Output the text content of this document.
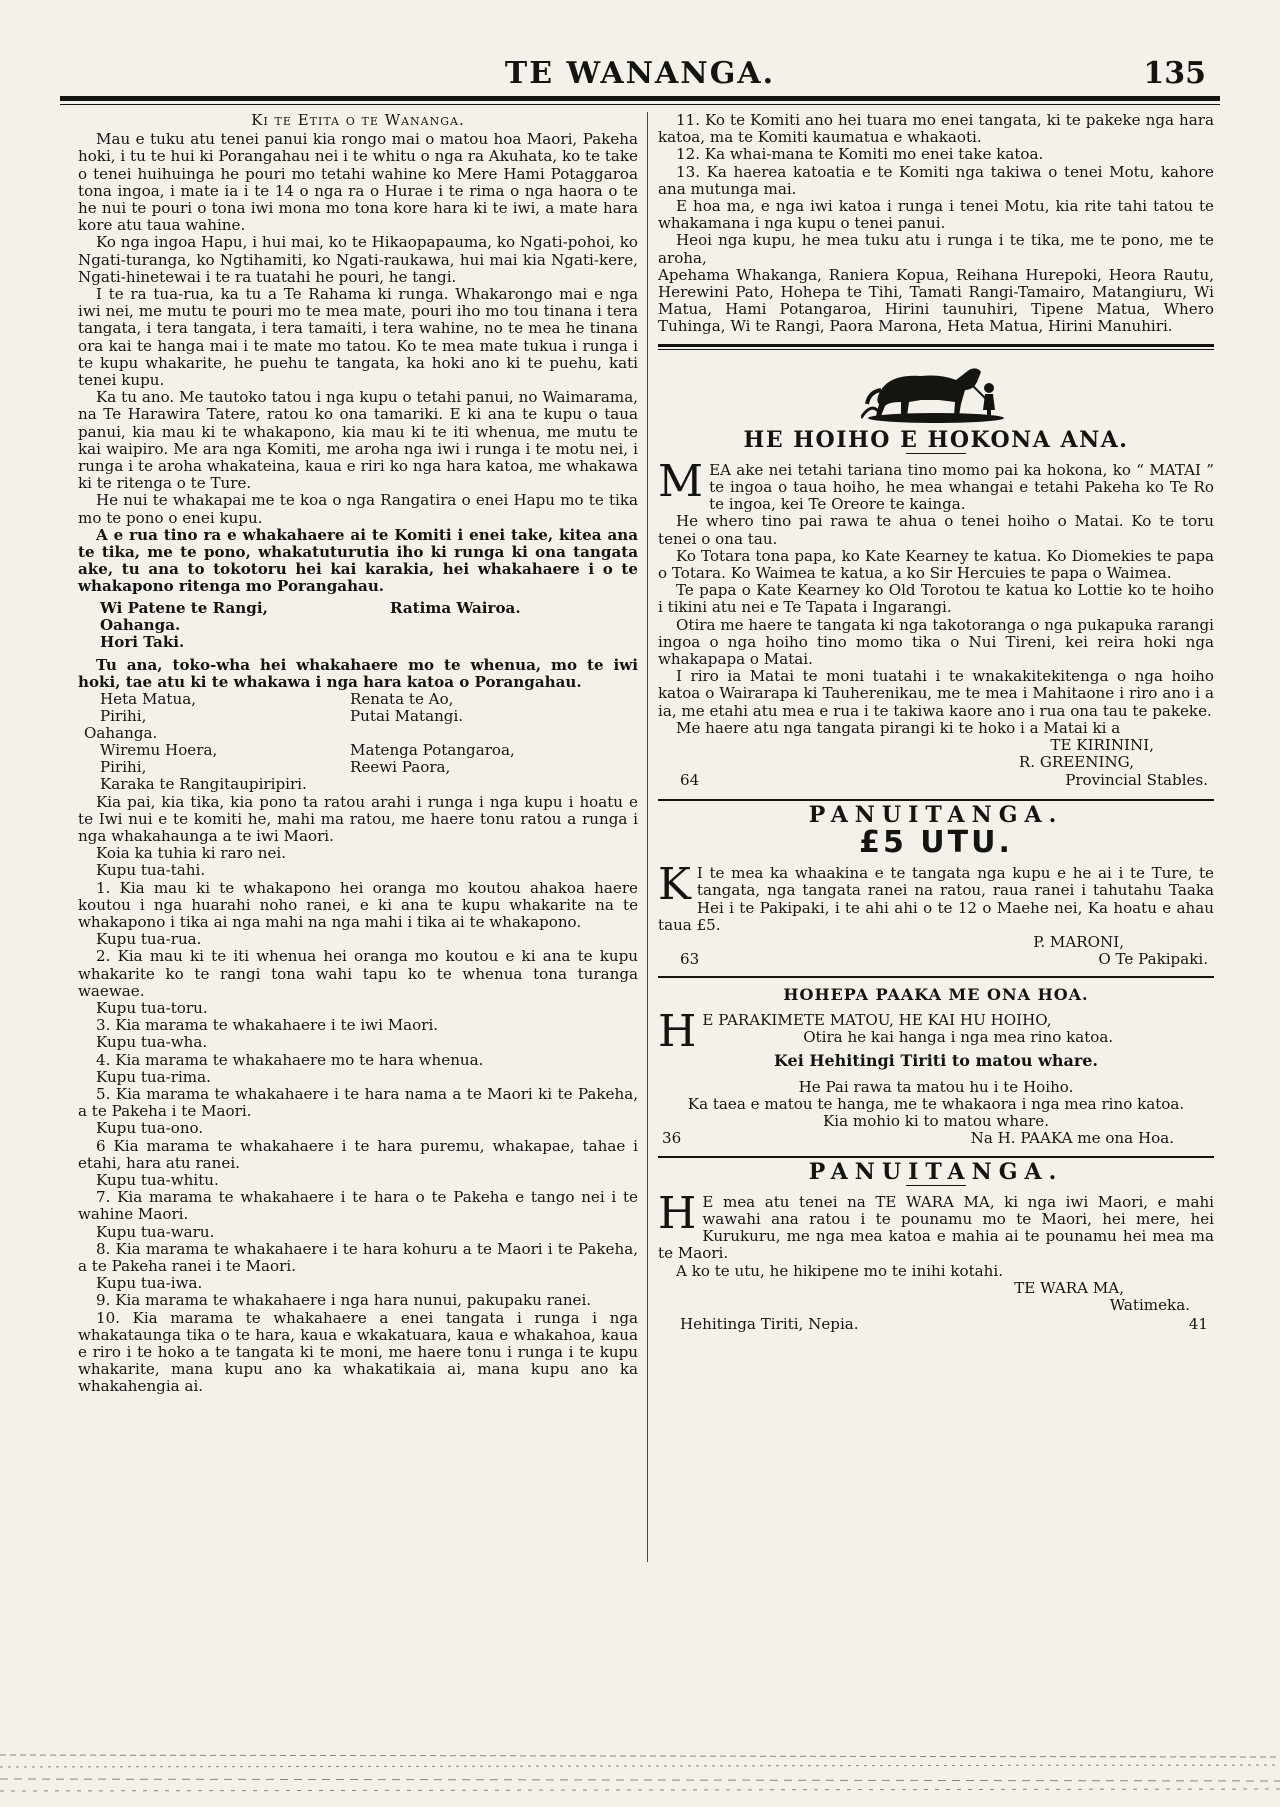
TE WANANGA.	135
Ki te Etita o te Wananga.

Mau e tuku atu tenei panui kia rongo mai o matou hoa Maori, Pakeha hoki, i tu te hui ki Porangahau nei i te whitu o nga ra Akuhata, ko te take o tenei huihuinga he pouri mo tetahi wahine ko Mere Hami Potaggaroa tona ingoa, i mate ia i te 14 o nga ra o Hurae i te rima o nga haora o te he nui te pouri o tona iwi mona mo tona kore hara ki te iwi, a mate hara kore atu taua wahine.

Ko nga ingoa Hapu, i hui mai, ko te Hikaopapauma, ko Ngati-pohoi, ko Ngati-turanga, ko Ngtihamiti, ko Ngati-raukawa, hui mai kia Ngati-kere, Ngati-hinetewai i te ra tuatahi he pouri, he tangi.

I te ra tua-rua, ka tu a Te Rahama ki runga. Whakarongo mai e nga iwi nei, me mutu te pouri mo te mea mate, pouri iho mo tou tinana i tera tangata, i tera tangata, i tera tamaiti, i tera wahine, no te mea he tinana ora kai te hanga mai i te mate mo tatou. Ko te mea mate tukua i runga i te kupu whakarite, he puehu te tangata, ka hoki ano ki te puehu, kati tenei kupu.

Ka tu ano. Me tautoko tatou i nga kupu o tetahi panui, no Waimarama, na Te Harawira Tatere, ratou ko ona tamariki. E ki ana te kupu o taua panui, kia mau ki te whakapono, kia mau ki te iti whenua, me mutu te kai waipiro. Me ara nga Komiti, me aroha nga iwi i runga i te motu nei, i runga i te aroha whakateina, kaua e riri ko nga hara katoa, me whakawa ki te ritenga o te Ture.

He nui te whakapai me te koa o nga Rangatira o enei Hapu mo te tika mo te pono o enei kupu.

A e rua tino ra e whakahaere ai te Komiti i enei take, kitea ana te tika, me te pono, whakatuturutia iho ki runga ki ona tangata ake, tu ana to tokotoru hei kai karakia, hei whakahaere i o te whakapono ritenga mo Porangahau.

Wi Patene te Rangi,	Ratima Wairoa.
Oahanga.
Hori Taki.

Tu ana, toko-wha hei whakahaere mo te whenua, mo te iwi hoki, tae atu ki te whakawa i nga hara katoa o Porangahau.

Heta Matua,	Renata te Ao,
Pirihi,	Putai Matangi.
Oahanga.
Wiremu Hoera,	Matenga Potangaroa,
Pirihi,	Reewi Paora,
Karaka te Rangitaupiripiri.

Kia pai, kia tika, kia pono ta ratou arahi i runga i nga kupu i hoatu e te Iwi nui e te komiti he, mahi ma ratou, me haere tonu ratou a runga i nga whakahaunga a te iwi Maori.

Koia ka tuhia ki raro nei.

Kupu tua-tahi.

1. Kia mau ki te whakapono hei oranga mo koutou ahakoa haere koutou i nga huarahi noho ranei, e ki ana te kupu whakarite na te whakapono i tika ai nga mahi na nga mahi i tika ai te whakapono.

Kupu tua-rua.

2. Kia mau ki te iti whenua hei oranga mo koutou e ki ana te kupu whakarite ko te rangi tona wahi tapu ko te whenua tona turanga waewae.

Kupu tua-toru.

3. Kia marama te whakahaere i te iwi Maori.

Kupu tua-wha.

4. Kia marama te whakahaere mo te hara whenua.

Kupu tua-rima.

5. Kia marama te whakahaere i te hara nama a te Maori ki te Pakeha, a te Pakeha i te Maori.

Kupu tua-ono.

6 Kia marama te whakahaere i te hara puremu, whakapae, tahae i etahi, hara atu ranei.

Kupu tua-whitu.

7. Kia marama te whakahaere i te hara o te Pakeha e tango nei i te wahine Maori.

Kupu tua-waru.

8. Kia marama te whakahaere i te hara kohuru a te Maori i te Pakeha, a te Pakeha ranei i te Maori.

Kupu tua-iwa.

9. Kia marama te whakahaere i nga hara nunui, pakupaku ranei.

10. Kia marama te whakahaere a enei tangata i runga i nga whakataunga tika o te hara, kaua e wkakatuara, kaua e whakahoa, kaua e riro i te hoko a te tangata ki te moni, me haere tonu i runga i te kupu whakarite, mana kupu ano ka whakatikaia ai, mana kupu ano ka whakahengia ai.

11. Ko te Komiti ano hei tuara mo enei tangata, ki te pakeke nga hara katoa, ma te Komiti kaumatua e whakaoti.

12. Ka whai-mana te Komiti mo enei take katoa.

13. Ka haerea katoatia e te Komiti nga takiwa o tenei Motu, kahore ana mutunga mai.

E hoa ma, e nga iwi katoa i runga i tenei Motu, kia rite tahi tatou te whakamana i nga kupu o tenei panui.

Heoi nga kupu, he mea tuku atu i runga i te tika, me te pono, me te aroha,

Apehama Whakanga, Raniera Kopua, Reihana Hurepoki, Heora Rautu, Herewini Pato, Hohepa te Tihi, Tamati Rangi-Tamairo, Matangiuru, Wi Matua, Hami Potangaroa, Hirini taunuhiri, Tipene Matua, Whero Tuhinga, Wi te Rangi, Paora Marona, Heta Matua, Hirini Manuhiri.

HE HOIHO E HOKONA ANA.
M EA ake nei tetahi tariana tino momo pai ka hokona, ko “ MATAI ” te ingoa o taua hoiho, he mea whangai e tetahi Pakeha ko Te Ro te ingoa, kei Te Oreore te kainga.

He whero tino pai rawa te ahua o tenei hoiho o Matai. Ko te toru tenei o ona tau.

Ko Totara tona papa, ko Kate Kearney te katua. Ko Diomekies te papa o Totara. Ko Waimea te katua, a ko Sir Hercuies te papa o Waimea.

Te papa o Kate Kearney ko Old Torotou te katua ko Lottie ko te hoiho i tikini atu nei e Te Tapata i Ingarangi.

Otira me haere te tangata ki nga takotoranga o nga pukapuka rarangi ingoa o nga hoiho tino momo tika o Nui Tireni, kei reira hoki nga whakapapa o Matai.

I riro ia Matai te moni tuatahi i te wnakakitekitenga o nga hoiho katoa o Wairarapa ki Tauherenikau, me te mea i Mahitaone i riro ano i a ia, me etahi atu mea e rua i te takiwa kaore ano i rua ona tau te pakeke.

Me haere atu nga tangata pirangi ki te hoko i a Matai ki a

TE KIRININI,
R. GREENING,
64	Provincial Stables.
PANUITANGA.
£5 UTU.
K I te mea ka whaakina e te tangata nga kupu e he ai i te Ture, te tangata, nga tangata ranei na ratou, raua ranei i tahutahu Taaka Hei i te Pakipaki, i te ahi ahi o te 12 o Maehe nei, Ka hoatu e ahau taua £5.

P. MARONI,
63	O Te Pakipaki.
HOHEPA PAAKA ME ONA HOA.
H E PARAKIMETE MATOU, HE KAI HU HOIHO,
Otira he kai hanga i nga mea rino katoa.
Kei Hehitingi Tiriti to matou whare.
He Pai rawa ta matou hu i te Hoiho.

Ka taea e matou te hanga, me te whakaora i nga mea rino katoa.

Kia mohio ki to matou whare.
36	Na H. PAAKA me ona Hoa.
PANUITANGA.
H E mea atu tenei na TE WARA MA, ki nga iwi Maori, e mahi wawahi ana ratou i te pounamu mo te Maori, hei mere, hei Kurukuru, me nga mea katoa e mahia ai te pounamu hei mea ma te Maori.

A ko te utu, he hikipene mo te inihi kotahi.

TE WARA MA,
Watimeka.
Hehitinga Tiriti, Nepia.	41
